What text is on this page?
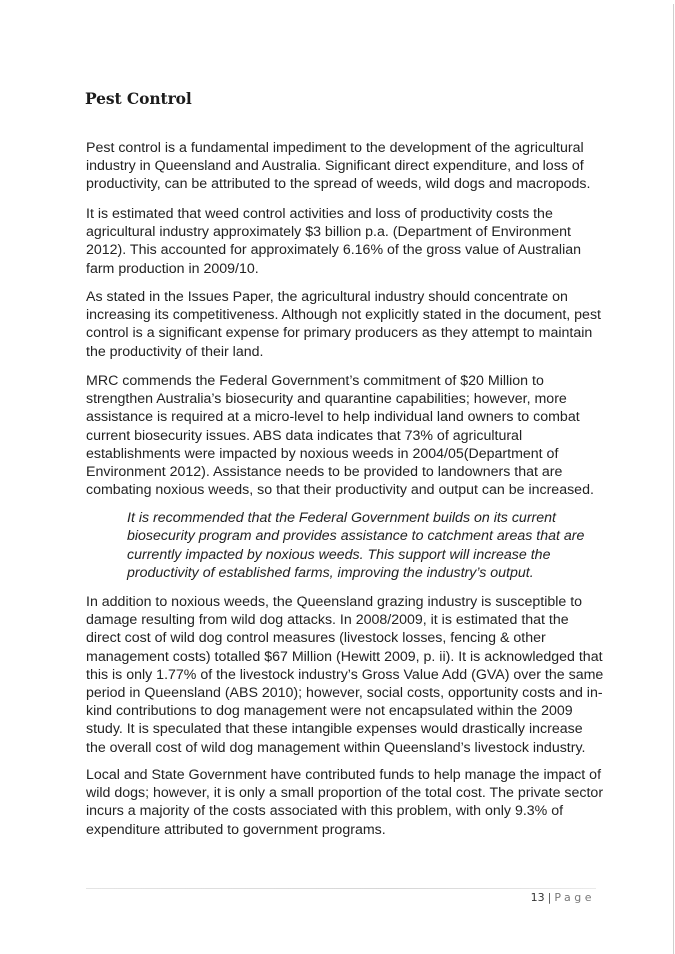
Pest Control

Pest control is a fundamental impediment to the development of the agricultural industry in Queensland and Australia. Significant direct expenditure, and loss of productivity, can be attributed to the spread of weeds, wild dogs and macropods.

It is estimated that weed control activities and loss of productivity costs the agricultural industry approximately $3 billion p.a. (Department of Environment 2012). This accounted for approximately 6.16% of the gross value of Australian farm production in 2009/10.

As stated in the Issues Paper, the agricultural industry should concentrate on increasing its competitiveness. Although not explicitly stated in the document, pest control is a significant expense for primary producers as they attempt to maintain the productivity of their land.

MRC commends the Federal Government’s commitment of $20 Million to strengthen Australia’s biosecurity and quarantine capabilities; however, more assistance is required at a micro-level to help individual land owners to combat current biosecurity issues. ABS data indicates that 73% of agricultural establishments were impacted by noxious weeds in 2004/05(Department of Environment 2012). Assistance needs to be provided to landowners that are combating noxious weeds, so that their productivity and output can be increased.

It is recommended that the Federal Government builds on its current biosecurity program and provides assistance to catchment areas that are currently impacted by noxious weeds. This support will increase the productivity of established farms, improving the industry’s output.

In addition to noxious weeds, the Queensland grazing industry is susceptible to damage resulting from wild dog attacks. In 2008/2009, it is estimated that the direct cost of wild dog control measures (livestock losses, fencing & other management costs) totalled $67 Million (Hewitt 2009, p. ii). It is acknowledged that this is only 1.77% of the livestock industry’s Gross Value Add (GVA) over the same period in Queensland (ABS 2010); however, social costs, opportunity costs and in-kind contributions to dog management were not encapsulated within the 2009 study. It is speculated that these intangible expenses would drastically increase the overall cost of wild dog management within Queensland’s livestock industry.

Local and State Government have contributed funds to help manage the impact of wild dogs; however, it is only a small proportion of the total cost. The private sector incurs a majority of the costs associated with this problem, with only 9.3% of expenditure attributed to government programs.

13 | Page
